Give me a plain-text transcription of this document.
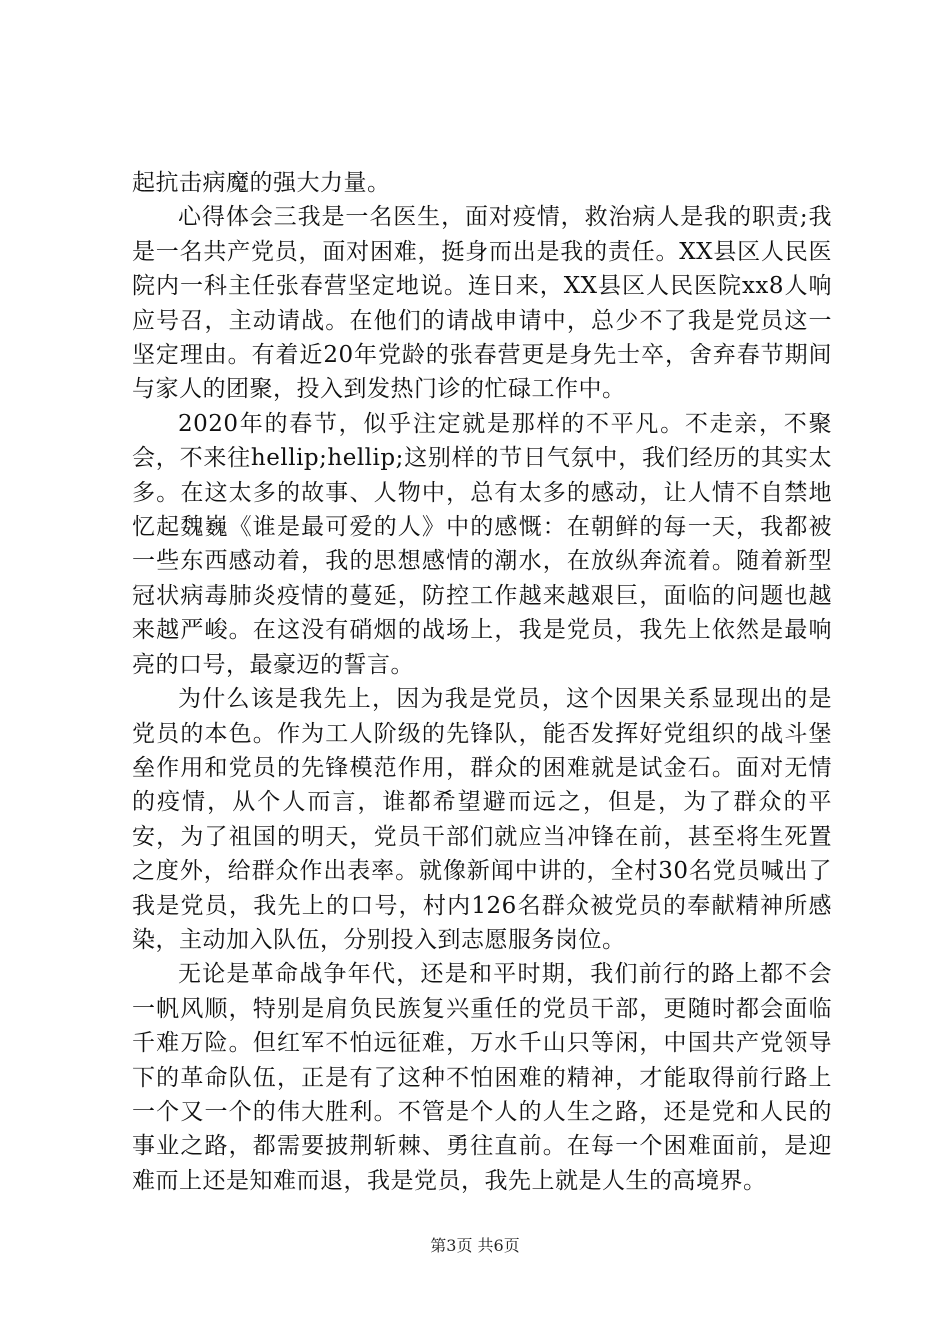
起抗击病魔的强大力量。

心得体会三我是一名医生，面对疫情，救治病人是我的职责;我是一名共产党员，面对困难，挺身而出是我的责任。XX县区人民医院内一科主任张春营坚定地说。连日来，XX县区人民医院xx8人响应号召，主动请战。在他们的请战申请中，总少不了我是党员这一坚定理由。有着近20年党龄的张春营更是身先士卒，舍弃春节期间与家人的团聚，投入到发热门诊的忙碌工作中。

2020年的春节，似乎注定就是那样的不平凡。不走亲，不聚会，不来往hellip;hellip;这别样的节日气氛中，我们经历的其实太多。在这太多的故事、人物中，总有太多的感动，让人情不自禁地忆起魏巍《谁是最可爱的人》中的感慨：在朝鲜的每一天，我都被一些东西感动着，我的思想感情的潮水，在放纵奔流着。随着新型冠状病毒肺炎疫情的蔓延，防控工作越来越艰巨，面临的问题也越来越严峻。在这没有硝烟的战场上，我是党员，我先上依然是最响亮的口号，最豪迈的誓言。

为什么该是我先上，因为我是党员，这个因果关系显现出的是党员的本色。作为工人阶级的先锋队，能否发挥好党组织的战斗堡垒作用和党员的先锋模范作用，群众的困难就是试金石。面对无情的疫情，从个人而言，谁都希望避而远之，但是，为了群众的平安，为了祖国的明天，党员干部们就应当冲锋在前，甚至将生死置之度外，给群众作出表率。就像新闻中讲的，全村30名党员喊出了我是党员，我先上的口号，村内126名群众被党员的奉献精神所感染，主动加入队伍，分别投入到志愿服务岗位。

无论是革命战争年代，还是和平时期，我们前行的路上都不会一帆风顺，特别是肩负民族复兴重任的党员干部，更随时都会面临千难万险。但红军不怕远征难，万水千山只等闲，中国共产党领导下的革命队伍，正是有了这种不怕困难的精神，才能取得前行路上一个又一个的伟大胜利。不管是个人的人生之路，还是党和人民的事业之路，都需要披荆斩棘、勇往直前。在每一个困难面前，是迎难而上还是知难而退，我是党员，我先上就是人生的高境界。

第3页 共6页
